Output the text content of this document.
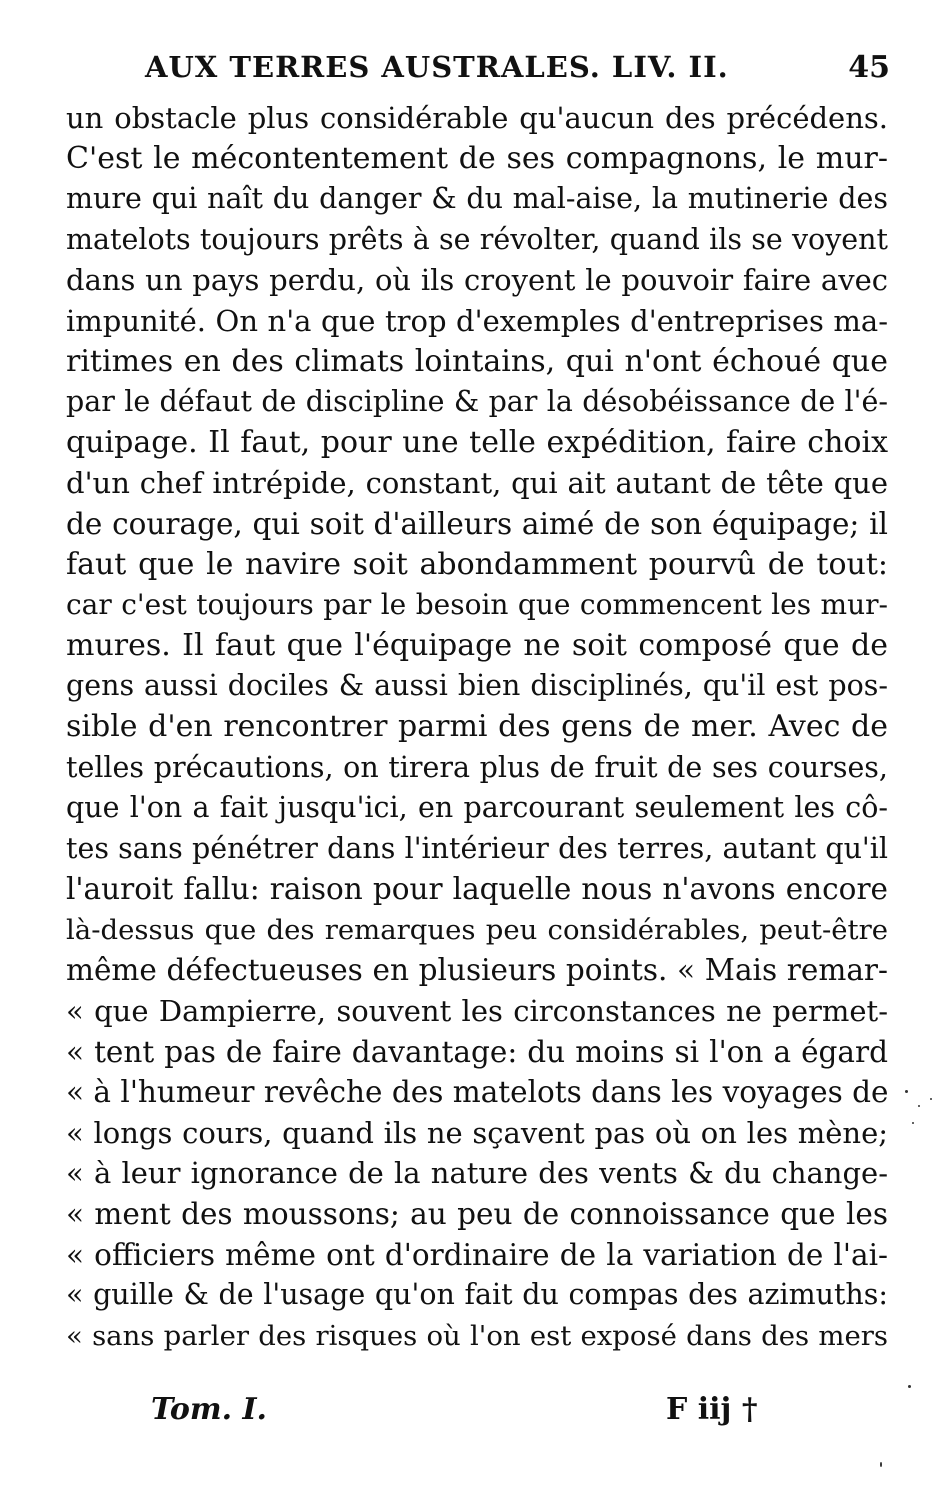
AUX TERRES AUSTRALES. LIV. II.	45
un obstacle plus considérable qu'aucun des précédens.
C'est le mécontentement de ses compagnons, le mur-
mure qui naît du danger & du mal-aise, la mutinerie des
matelots toujours prêts à se révolter, quand ils se voyent
dans un pays perdu, où ils croyent le pouvoir faire avec
impunité. On n'a que trop d'exemples d'entreprises ma-
ritimes en des climats lointains, qui n'ont échoué que
par le défaut de discipline & par la désobéissance de l'é-
quipage. Il faut, pour une telle expédition, faire choix
d'un chef intrépide, constant, qui ait autant de tête que
de courage, qui soit d'ailleurs aimé de son équipage; il
faut que le navire soit abondamment pourvû de tout:
car c'est toujours par le besoin que commencent les mur-
mures. Il faut que l'équipage ne soit composé que de
gens aussi dociles & aussi bien disciplinés, qu'il est pos-
sible d'en rencontrer parmi des gens de mer. Avec de
telles précautions, on tirera plus de fruit de ses courses,
que l'on a fait jusqu'ici, en parcourant seulement les cô-
tes sans pénétrer dans l'intérieur des terres, autant qu'il
l'auroit fallu: raison pour laquelle nous n'avons encore
là-dessus que des remarques peu considérables, peut-être
même défectueuses en plusieurs points. « Mais remar-
« que Dampierre, souvent les circonstances ne permet-
« tent pas de faire davantage: du moins si l'on a égard
« à l'humeur revêche des matelots dans les voyages de
« longs cours, quand ils ne sçavent pas où on les mène;
« à leur ignorance de la nature des vents & du change-
« ment des moussons; au peu de connoissance que les
« officiers même ont d'ordinaire de la variation de l'ai-
« guille & de l'usage qu'on fait du compas des azimuths:
« sans parler des risques où l'on est exposé dans des mers
Tom. I.	F iij †
